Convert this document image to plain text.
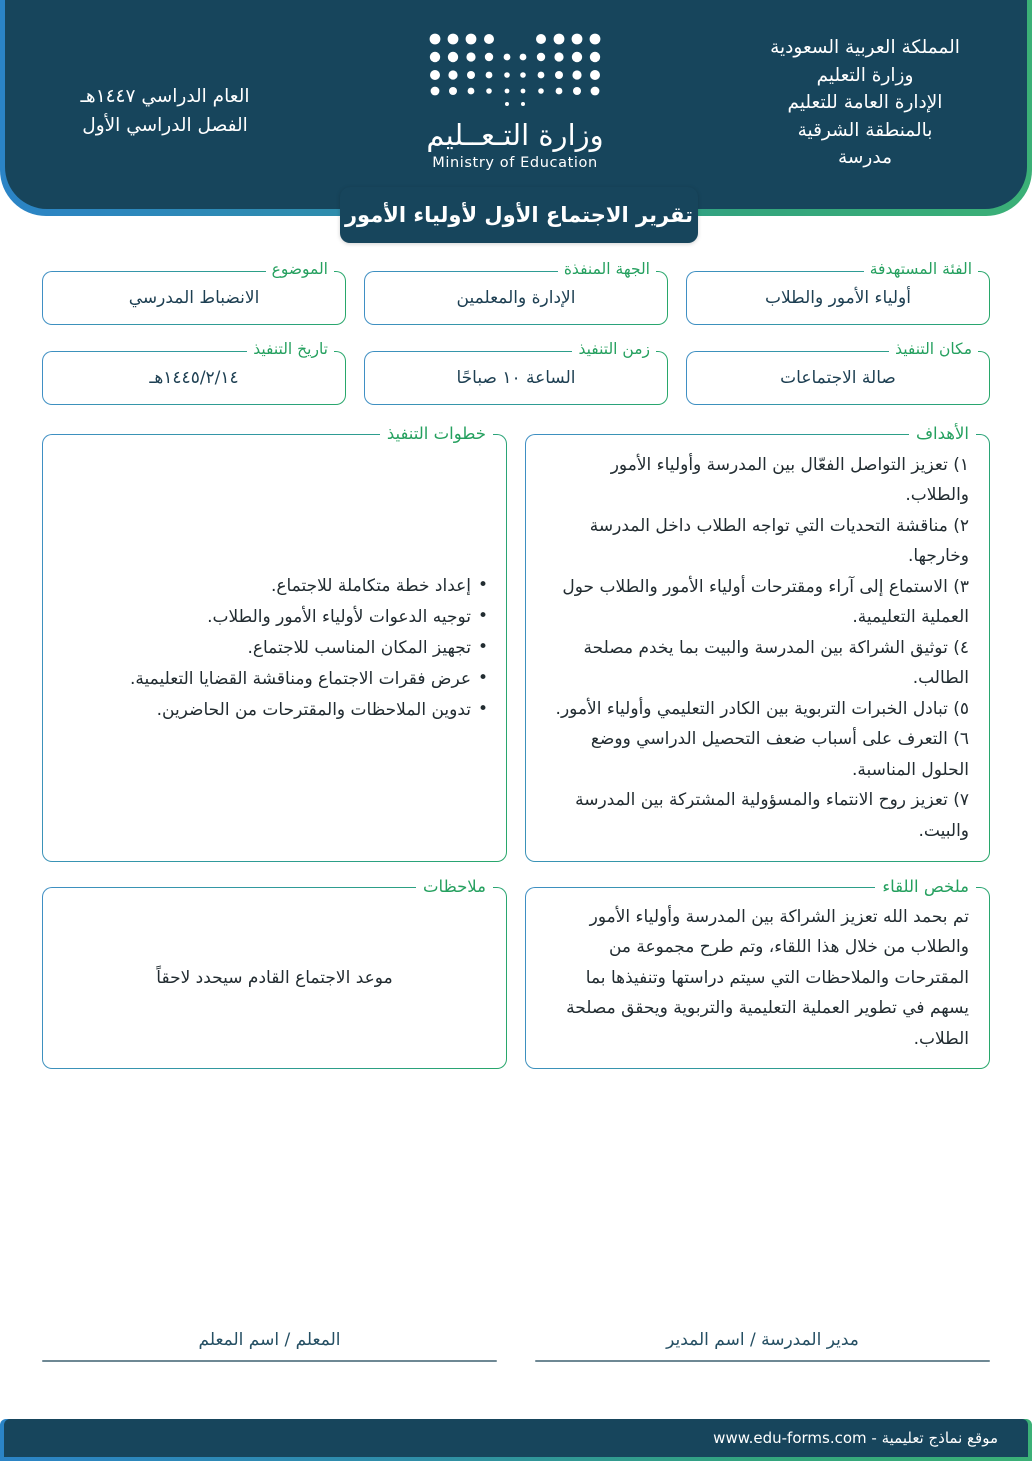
المملكة العربية السعودية
وزارة التعليم
الإدارة العامة للتعليم
بالمنطقة الشرقية
مدرسة
وزارة التـعــليم
Ministry of Education
العام الدراسي ١٤٤٧هـ
الفصل الدراسي الأول
تقرير الاجتماع الأول لأولياء الأمور
الفئة المستهدفة
أولياء الأمور والطلاب
الجهة المنفذة
الإدارة والمعلمين
الموضوع
الانضباط المدرسي
مكان التنفيذ
صالة الاجتماعات
زمن التنفيذ
الساعة ١٠ صباحًا
تاريخ التنفيذ
١٤٤٥/٢/١٤هـ
الأهداف
١) تعزيز التواصل الفعّال بين المدرسة وأولياء الأمور والطلاب.
٢) مناقشة التحديات التي تواجه الطلاب داخل المدرسة وخارجها.
٣) الاستماع إلى آراء ومقترحات أولياء الأمور والطلاب حول العملية التعليمية.
٤) توثيق الشراكة بين المدرسة والبيت بما يخدم مصلحة الطالب.
٥) تبادل الخبرات التربوية بين الكادر التعليمي وأولياء الأمور.
٦) التعرف على أسباب ضعف التحصيل الدراسي ووضع الحلول المناسبة.
٧) تعزيز روح الانتماء والمسؤولية المشتركة بين المدرسة والبيت.
خطوات التنفيذ
• إعداد خطة متكاملة للاجتماع.
• توجيه الدعوات لأولياء الأمور والطلاب.
• تجهيز المكان المناسب للاجتماع.
• عرض فقرات الاجتماع ومناقشة القضايا التعليمية.
• تدوين الملاحظات والمقترحات من الحاضرين.
ملخص اللقاء

تم بحمد الله تعزيز الشراكة بين المدرسة وأولياء الأمور والطلاب من خلال هذا اللقاء، وتم طرح مجموعة من المقترحات والملاحظات التي سيتم دراستها وتنفيذها بما يسهم في تطوير العملية التعليمية والتربوية ويحقق مصلحة الطلاب.

ملاحظات

موعد الاجتماع القادم سيحدد لاحقاً

مدير المدرسة / اسم المدير
المعلم / اسم المعلم
موقع نماذج تعليمية - www.edu-forms.com
